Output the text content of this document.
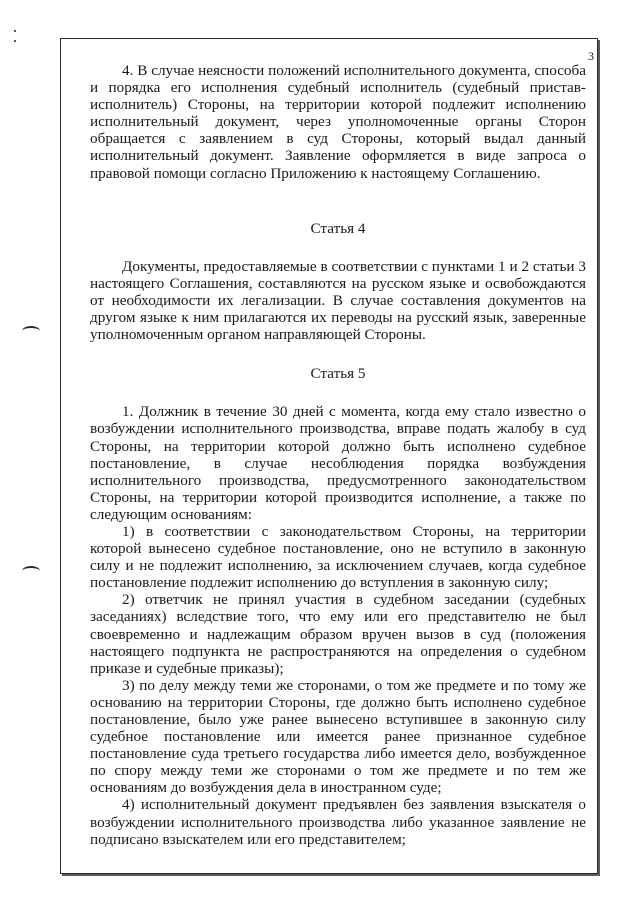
3

4. В случае неясности положений исполнительного документа, способа и порядка его исполнения судебный исполнитель (судебный пристав-исполнитель) Стороны, на территории которой подлежит исполнению исполнительный документ, через уполномоченные органы Сторон обращается с заявлением в суд Стороны, который выдал данный исполнительный документ. Заявление оформляется в виде запроса о правовой помощи согласно Приложению к настоящему Соглашению.

Статья 4

Документы, предоставляемые в соответствии с пунктами 1 и 2 статьи 3 настоящего Соглашения, составляются на русском языке и освобождаются от необходимости их легализации. В случае составления документов на другом языке к ним прилагаются их переводы на русский язык, заверенные уполномоченным органом направляющей Стороны.

Статья 5

1. Должник в течение 30 дней с момента, когда ему стало известно о возбуждении исполнительного производства, вправе подать жалобу в суд Стороны, на территории которой должно быть исполнено судебное постановление, в случае несоблюдения порядка возбуждения исполнительного производства, предусмотренного законодательством Стороны, на территории которой производится исполнение, а также по следующим основаниям:

1) в соответствии с законодательством Стороны, на территории которой вынесено судебное постановление, оно не вступило в законную силу и не подлежит исполнению, за исключением случаев, когда судебное постановление подлежит исполнению до вступления в законную силу;

2) ответчик не принял участия в судебном заседании (судебных заседаниях) вследствие того, что ему или его представителю не был своевременно и надлежащим образом вручен вызов в суд (положения настоящего подпункта не распространяются на определения о судебном приказе и судебные приказы);

3) по делу между теми же сторонами, о том же предмете и по тому же основанию на территории Стороны, где должно быть исполнено судебное постановление, было уже ранее вынесено вступившее в законную силу судебное постановление или имеется ранее признанное судебное постановление суда третьего государства либо имеется дело, возбужденное по спору между теми же сторонами о том же предмете и по тем же основаниям до возбуждения дела в иностранном суде;

4) исполнительный документ предъявлен без заявления взыскателя о возбуждении исполнительного производства либо указанное заявление не подписано взыскателем или его представителем;
